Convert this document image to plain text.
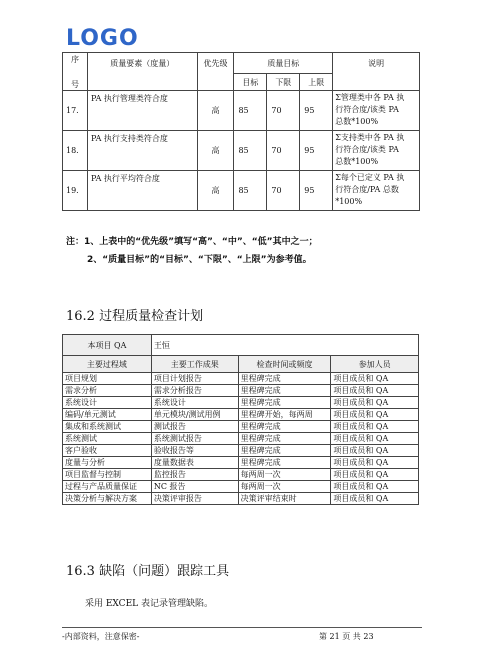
LOGO
序
号	质量要素（度量）	优先级	质量目标			说明
			目标	下限	上限	
17.	PA 执行管理类符合度	高	85	70	95	Σ管理类中各 PA 执
行符合度/该类 PA
总数*100%

18.	PA 执行支持类符合度	高	85	70	95	Σ支持类中各 PA 执
行符合度/该类 PA
总数*100%

19.	PA 执行平均符合度	高	85	70	95	Σ每个已定义 PA 执
行符合度/PA 总数
*100%
注：1、上表中的“优先级”填写“高”、“中”、“低”其中之一；
2、“质量目标”的“目标”、“下限”、“上限”为参考值。
16.2 过程质量检查计划
本项目 QA	王恒		
主要过程域	主要工作成果	检查时间或频度	参加人员
项目规划	项目计划报告	里程碑完成	项目成员和 QA
需求分析	需求分析报告	里程碑完成	项目成员和 QA
系统设计	系统设计	里程碑完成	项目成员和 QA
编码/单元测试	单元模块/测试用例	里程碑开始，每两周	项目成员和 QA
集成和系统测试	测试报告	里程碑完成	项目成员和 QA
系统测试	系统测试报告	里程碑完成	项目成员和 QA
客户验收	验收报告等	里程碑完成	项目成员和 QA
度量与分析	度量数据表	里程碑完成	项目成员和 QA
项目监督与控制	监控报告	每两周一次	项目成员和 QA
过程与产品质量保证	NC 报告	每两周一次	项目成员和 QA
决策分析与解决方案	决策评审报告	决策评审结束时	项目成员和 QA
16.3 缺陷（问题）跟踪工具
采用 EXCEL 表记录管理缺陷。
-内部资料，注意保密-	第 21 页 共 23
